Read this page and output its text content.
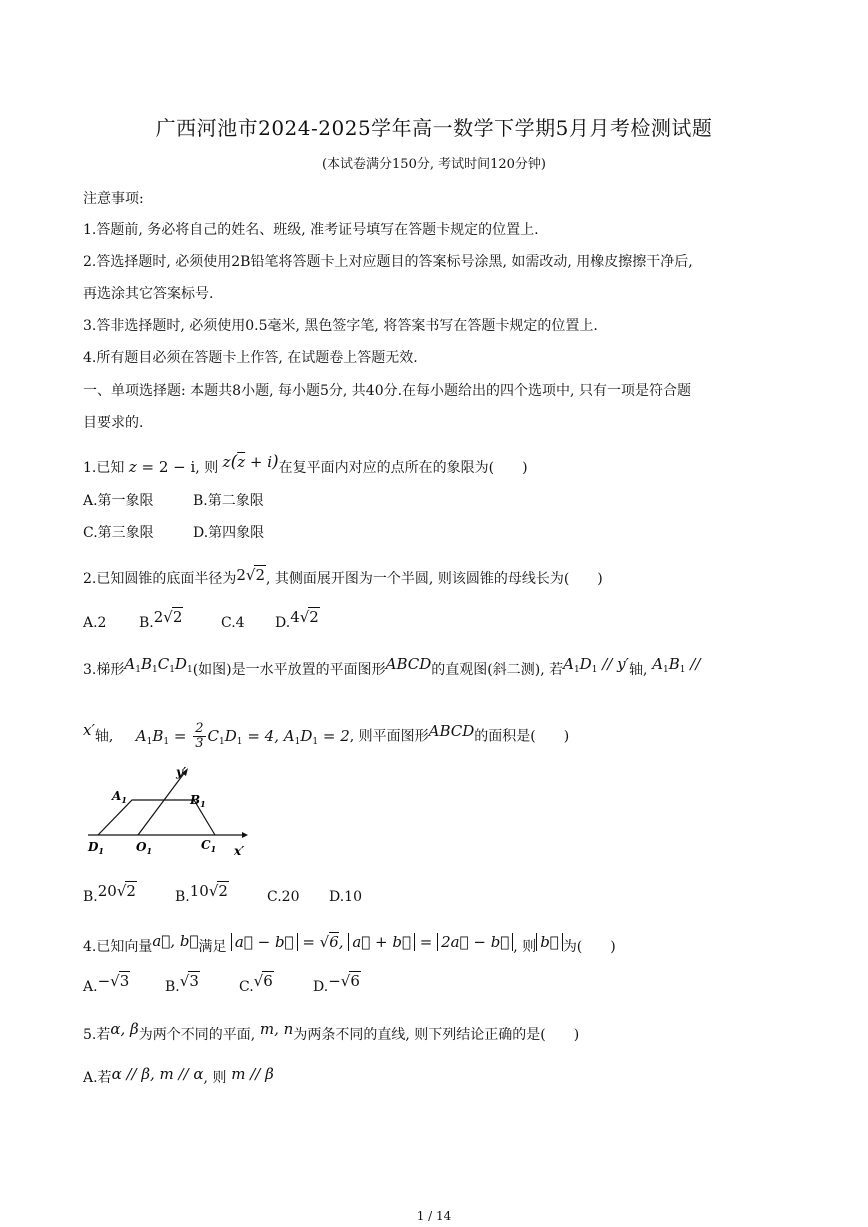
广西河池市2024-2025学年高一数学下学期5月月考检测试题
(本试卷满分150分, 考试时间120分钟)
注意事项:
1.答题前, 务必将自己的姓名、班级, 准考证号填写在答题卡规定的位置上.
2.答选择题时, 必须使用2B铅笔将答题卡上对应题目的答案标号涂黑, 如需改动, 用橡皮擦擦干净后,
再选涂其它答案标号.
3.答非选择题时, 必须使用0.5毫米, 黑色签字笔, 将答案书写在答题卡规定的位置上.
4.所有题目必须在答题卡上作答, 在试题卷上答题无效.
一、单项选择题: 本题共8小题, 每小题5分, 共40分.在每小题给出的四个选项中, 只有一项是符合题
目要求的.
1.已知 z = 2 − i, 则 $z(\overline{z} + i)$在复平面内对应的点所在的象限为(　　)
A.第一象限	B.第二象限
C.第三象限	D.第四象限
2.已知圆锥的底面半径为2√2, 其侧面展开图为一个半圆, 则该圆锥的母线长为(　　)
A.2 B.2√2	C.4 D.4√2
3.梯形$A_1B_1C_1D_1$(如图)是一水平放置的平面图形ABCD的直观图(斜二测), 若$A_1D_1 // y'$轴, $A_1B_1$ //
x′轴, $A_1B_1 = \frac{2}{3} C_1D_1 = 4$, $A_1D_1 = 2$, 则平面图形ABCD的面积是(　　)
y′
$A_1$	$B_1$
$D_1$	$O_1$	$C_1$ x′
B.20√2	B.10√2	C.20 D.10
4.已知向量a⃗, b⃗满足 a⃗ − b⃗ = √6, a⃗ + b⃗ = 2a⃗ − b⃗ , 则 b⃗ 为(　　)
A.−√3	B.√3	C.√6	D.−√6
5.若α, β为两个不同的平面, m, n为两条不同的直线, 则下列结论正确的是(　　)
A.若α // β, m // α, 则 m // β
1 / 14
